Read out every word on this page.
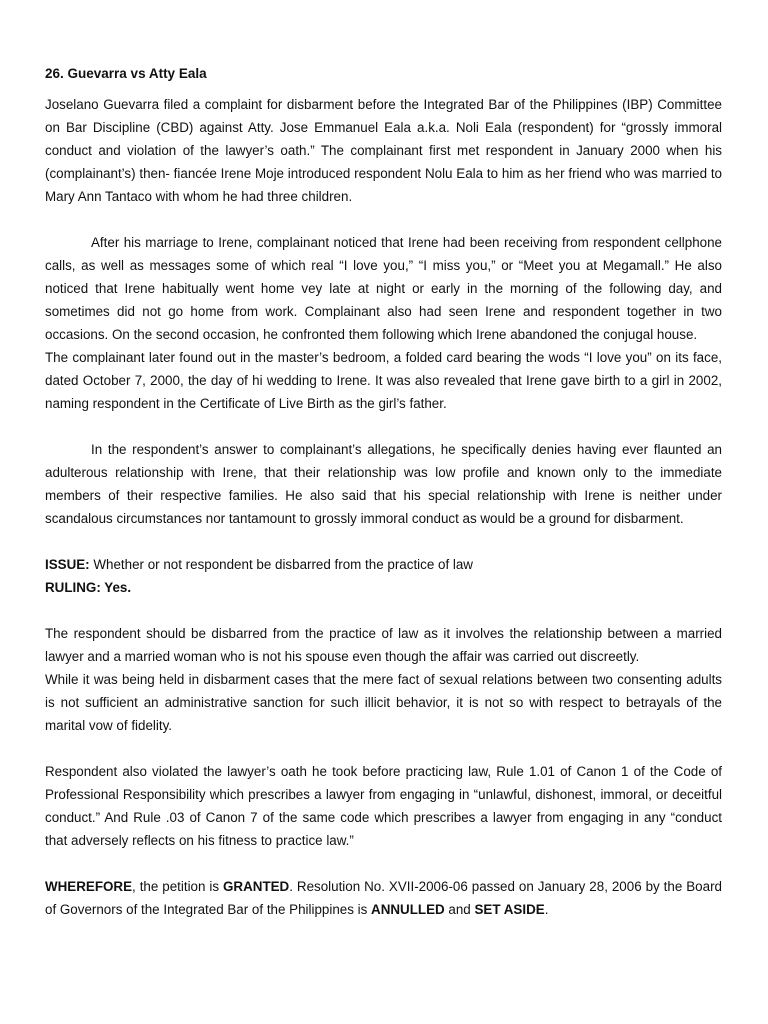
26. Guevarra vs Atty Eala

Joselano Guevarra filed a complaint for disbarment before the Integrated Bar of the Philippines (IBP) Committee on Bar Discipline (CBD) against Atty. Jose Emmanuel Eala a.k.a. Noli Eala (respondent) for “grossly immoral conduct and violation of the lawyer’s oath.” The complainant first met respondent in January 2000 when his (complainant’s) then- fiancée Irene Moje introduced respondent Nolu Eala to him as her friend who was married to Mary Ann Tantaco with whom he had three children.

After his marriage to Irene, complainant noticed that Irene had been receiving from respondent cellphone calls, as well as messages some of which real “I love you,” “I miss you,” or “Meet you at Megamall.” He also noticed that Irene habitually went home vey late at night or early in the morning of the following day, and sometimes did not go home from work. Complainant also had seen Irene and respondent together in two occasions. On the second occasion, he confronted them following which Irene abandoned the conjugal house.

The complainant later found out in the master’s bedroom, a folded card bearing the wods “I love you” on its face, dated October 7, 2000, the day of hi wedding to Irene. It was also revealed that Irene gave birth to a girl in 2002, naming respondent in the Certificate of Live Birth as the girl’s father.

In the respondent’s answer to complainant’s allegations, he specifically denies having ever flaunted an adulterous relationship with Irene, that their relationship was low profile and known only to the immediate members of their respective families. He also said that his special relationship with Irene is neither under scandalous circumstances nor tantamount to grossly immoral conduct as would be a ground for disbarment.

ISSUE: Whether or not respondent be disbarred from the practice of law
RULING: Yes.

The respondent should be disbarred from the practice of law as it involves the relationship between a married lawyer and a married woman who is not his spouse even though the affair was carried out discreetly.

While it was being held in disbarment cases that the mere fact of sexual relations between two consenting adults is not sufficient an administrative sanction for such illicit behavior, it is not so with respect to betrayals of the marital vow of fidelity.

Respondent also violated the lawyer’s oath he took before practicing law, Rule 1.01 of Canon 1 of the Code of Professional Responsibility which prescribes a lawyer from engaging in “unlawful, dishonest, immoral, or deceitful conduct.” And Rule .03 of Canon 7 of the same code which prescribes a lawyer from engaging in any “conduct that adversely reflects on his fitness to practice law.”

WHEREFORE, the petition is GRANTED. Resolution No. XVII-2006-06 passed on January 28, 2006 by the Board of Governors of the Integrated Bar of the Philippines is ANNULLED and SET ASIDE.
